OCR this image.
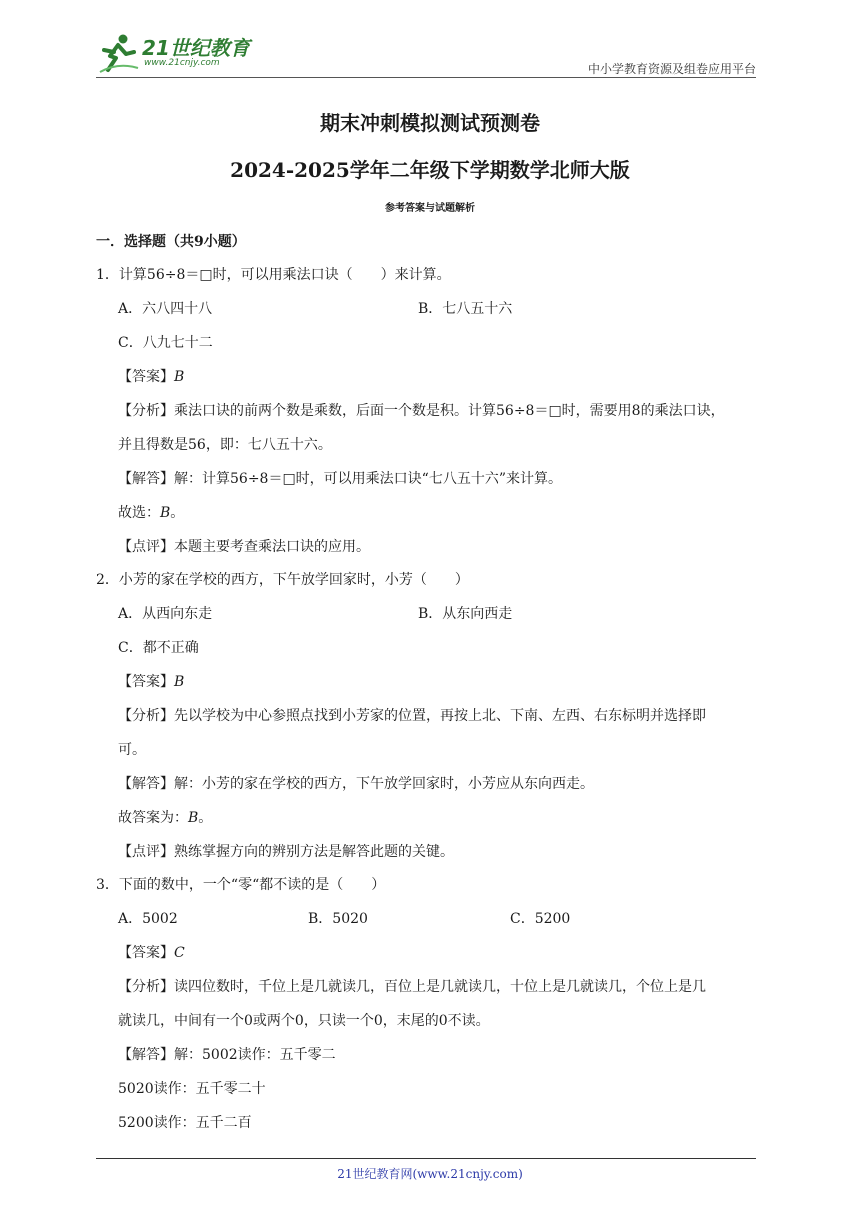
21世纪教育
www.21cnjy.com	中小学教育资源及组卷应用平台
期末冲刺模拟测试预测卷
2024-2025学年二年级下学期数学北师大版
参考答案与试题解析
一．选择题（共9小题）
1．计算56÷8＝□时，可以用乘法口诀（　　）来计算。
A．六八四十八	B．七八五十六
C．八九七十二
【答案】B
【分析】乘法口诀的前两个数是乘数，后面一个数是积。计算56÷8＝□时，需要用8的乘法口诀，
并且得数是56，即：七八五十六。
【解答】解：计算56÷8＝□时，可以用乘法口诀“七八五十六”来计算。
故选：B。
【点评】本题主要考查乘法口诀的应用。
2．小芳的家在学校的西方，下午放学回家时，小芳（　　）
A．从西向东走	B．从东向西走
C．都不正确
【答案】B
【分析】先以学校为中心参照点找到小芳家的位置，再按上北、下南、左西、右东标明并选择即
可。
【解答】解：小芳的家在学校的西方，下午放学回家时，小芳应从东向西走。
故答案为：B。
【点评】熟练掌握方向的辨别方法是解答此题的关键。
3．下面的数中，一个“零“都不读的是（　　）
A．5002	B．5020	C．5200
【答案】C
【分析】读四位数时，千位上是几就读几，百位上是几就读几，十位上是几就读几，个位上是几
就读几，中间有一个0或两个0，只读一个0，末尾的0不读。
【解答】解：5002读作：五千零二
5020读作：五千零二十
5200读作：五千二百
21世纪教育网(www.21cnjy.com)
